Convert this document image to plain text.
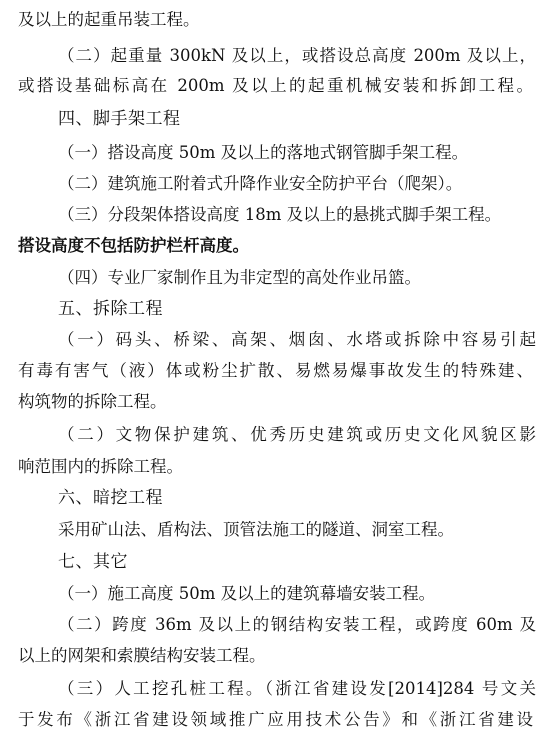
及以上的起重吊装工程。
（二）起重量 300kN 及以上，或搭设总高度 200m 及以上，
或搭设基础标高在 200m 及以上的起重机械安装和拆卸工程。
四、脚手架工程
（一）搭设高度 50m 及以上的落地式钢管脚手架工程。
（二）建筑施工附着式升降作业安全防护平台（爬架）。
（三）分段架体搭设高度 18m 及以上的悬挑式脚手架工程。
搭设高度不包括防护栏杆高度。
（四）专业厂家制作且为非定型的高处作业吊篮。
五、拆除工程
（一）码头、桥梁、高架、烟囱、水塔或拆除中容易引起
有毒有害气（液）体或粉尘扩散、易燃易爆事故发生的特殊建、
构筑物的拆除工程。
（二）文物保护建筑、优秀历史建筑或历史文化风貌区影
响范围内的拆除工程。
六、暗挖工程
采用矿山法、盾构法、顶管法施工的隧道、洞室工程。
七、其它
（一）施工高度 50m 及以上的建筑幕墙安装工程。
（二）跨度 36m 及以上的钢结构安装工程，或跨度 60m 及
以上的网架和索膜结构安装工程。
（三）人工挖孔桩工程。（浙江省建设发[2014]284 号文关
于发布《浙江省建设领域推广应用技术公告》和《浙江省建设
